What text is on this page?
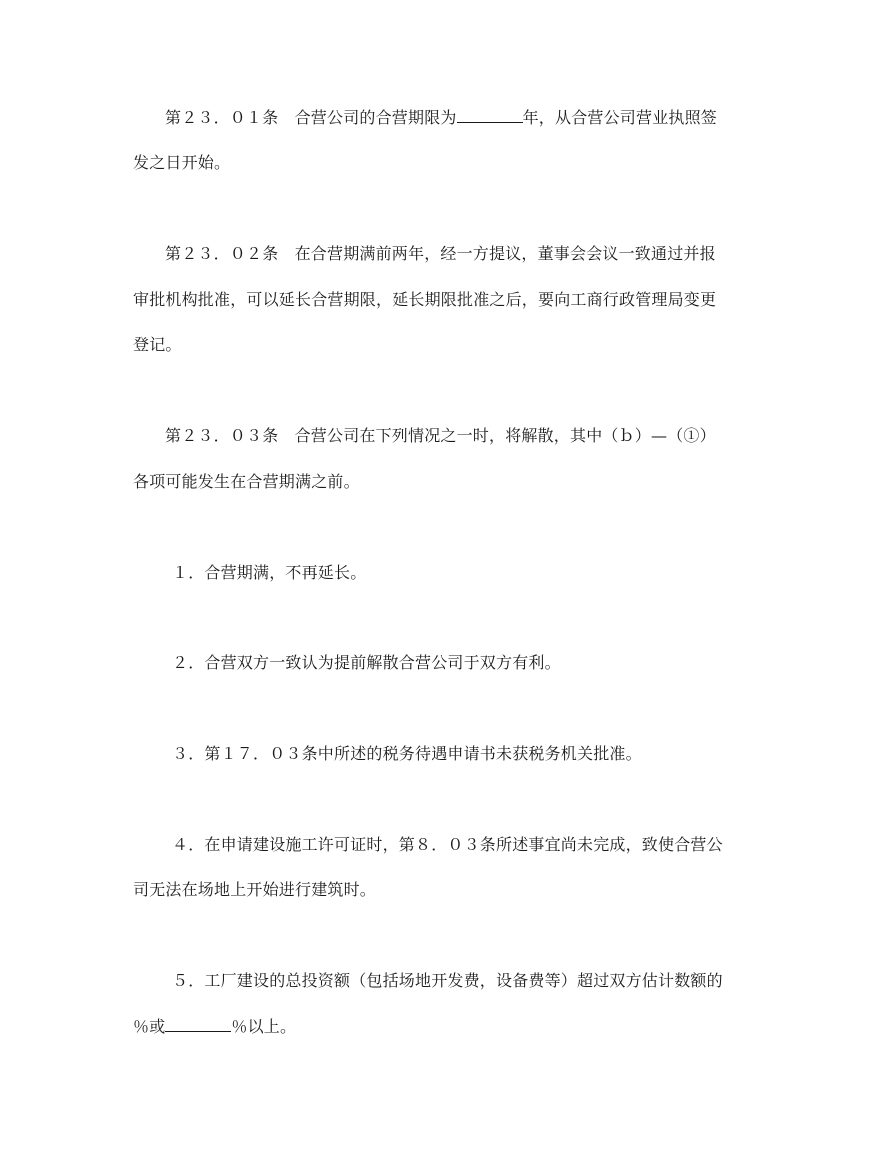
第２３．０１条　合营公司的合营期限为	年，从合营公司营业执照签
发之日开始。
第２３．０２条　在合营期满前两年，经一方提议，董事会会议一致通过并报
审批机构批准，可以延长合营期限，延长期限批准之后，要向工商行政管理局变更
登记。
第２３．０３条　合营公司在下列情况之一时，将解散，其中（ｂ）—（①）
各项可能发生在合营期满之前。
１．合营期满，不再延长。
２．合营双方一致认为提前解散合营公司于双方有利。
３．第１７．０３条中所述的税务待遇申请书未获税务机关批准。
４．在申请建设施工许可证时，第８．０３条所述事宜尚未完成，致使合营公
司无法在场地上开始进行建筑时。
５．工厂建设的总投资额（包括场地开发费，设备费等）超过双方估计数额的
％或	％以上。
